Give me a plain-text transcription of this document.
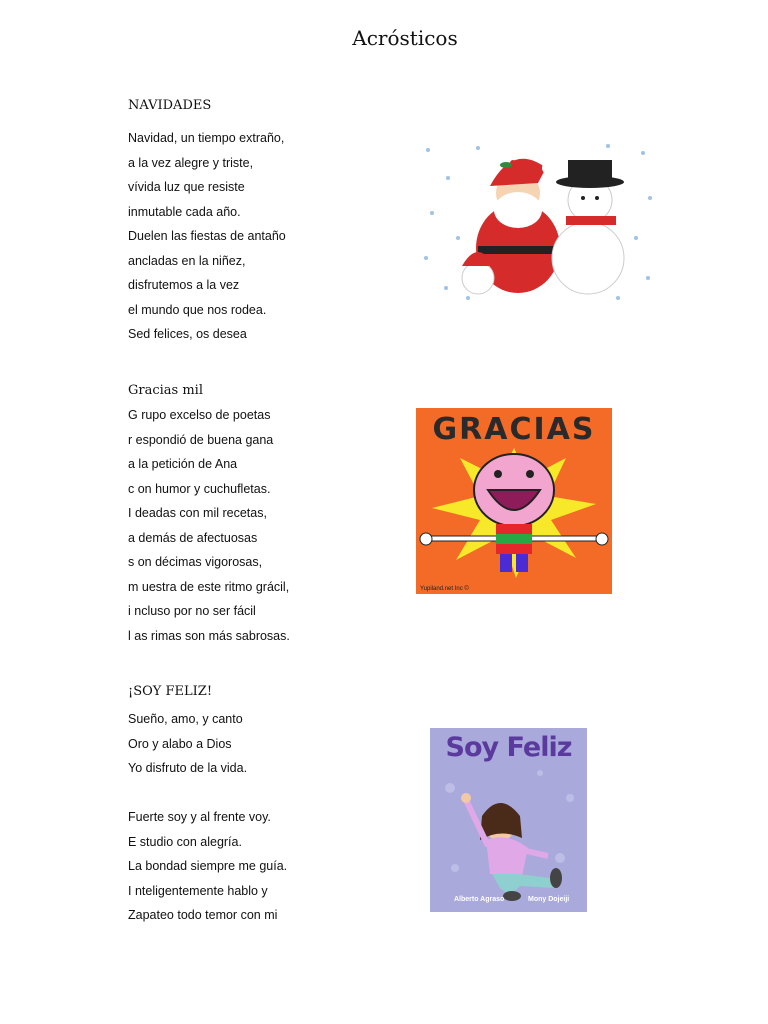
Acrósticos
NAVIDADES
Navidad, un tiempo extraño,
a la vez alegre y triste,
vívida luz que resiste
inmutable cada año.
Duelen las fiestas de antaño
ancladas en la niñez,
disfrutemos a la vez
el mundo que nos rodea.
Sed felices, os desea
Gracias mil
G rupo excelso de poetas
r espondió de buena gana
a la petición de Ana
c on humor y cuchufletas.
I deadas con mil recetas,
a demás de afectuosas
s on décimas vigorosas,
m uestra de este ritmo grácil,
i ncluso por no ser fácil
l as rimas son más sabrosas.
GRACIAS
Yupiland.net Inc ©
¡SOY FELIZ!
Sueño, amo, y canto
Oro y alabo a Dios
Yo disfruto de la vida.
Fuerte soy y al frente voy.
E studio con alegría.
La bondad siempre me guía.
I nteligentemente hablo y
Zapateo todo temor con mi
Soy Feliz
Alberto Agraso	Mony Dojeiji
